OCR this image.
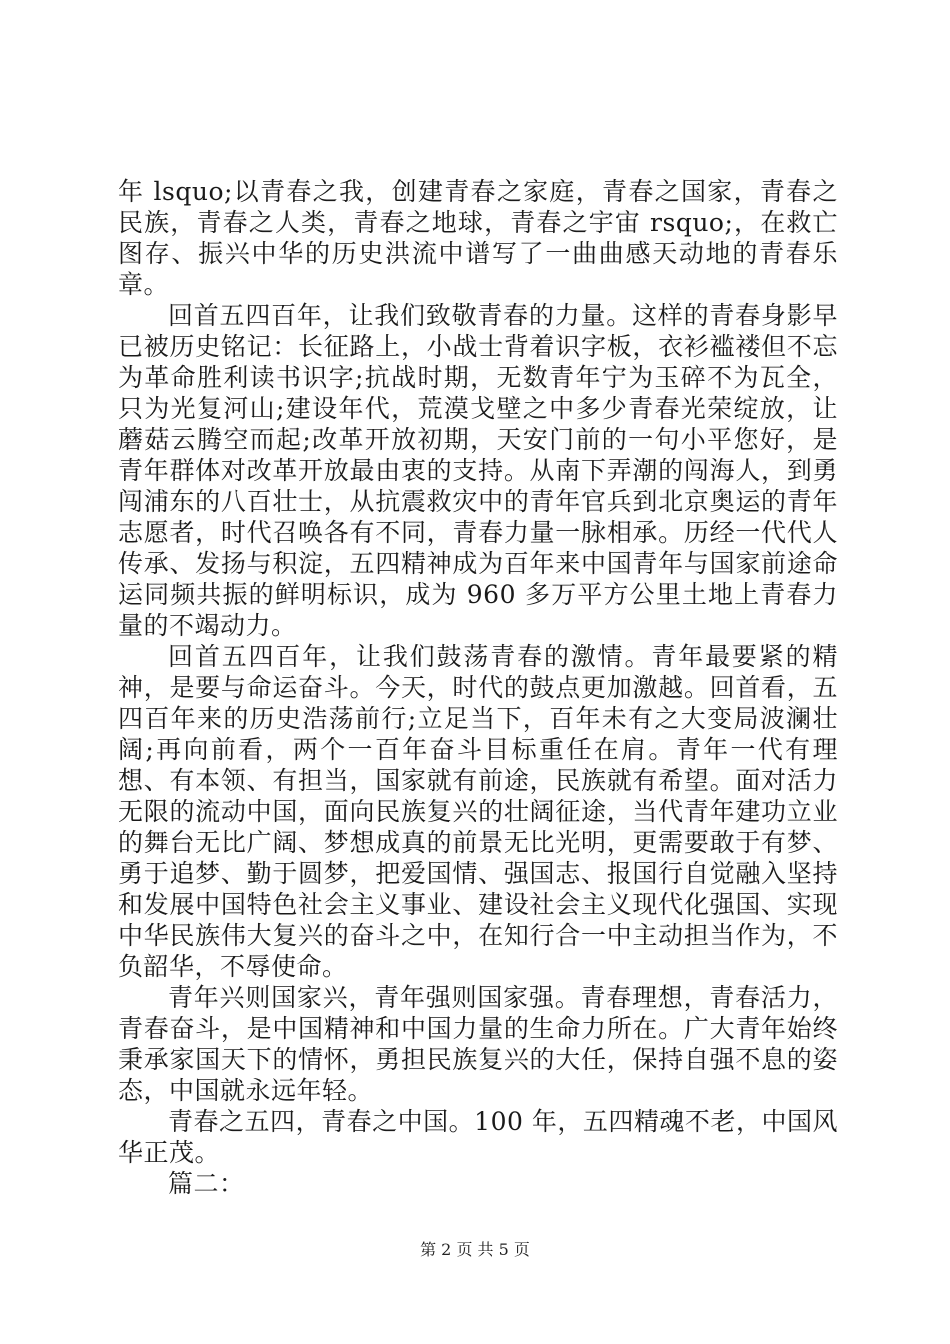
年 lsquo;以青春之我，创建青春之家庭，青春之国家，青春之民族，青春之人类，青春之地球，青春之宇宙 rsquo;，在救亡图存、振兴中华的历史洪流中谱写了一曲曲感天动地的青春乐章。

回首五四百年，让我们致敬青春的力量。这样的青春身影早已被历史铭记：长征路上，小战士背着识字板，衣衫褴褛但不忘为革命胜利读书识字;抗战时期，无数青年宁为玉碎不为瓦全，只为光复河山;建设年代，荒漠戈壁之中多少青春光荣绽放，让蘑菇云腾空而起;改革开放初期，天安门前的一句小平您好，是青年群体对改革开放最由衷的支持。从南下弄潮的闯海人，到勇闯浦东的八百壮士，从抗震救灾中的青年官兵到北京奥运的青年志愿者，时代召唤各有不同，青春力量一脉相承。历经一代代人传承、发扬与积淀，五四精神成为百年来中国青年与国家前途命运同频共振的鲜明标识，成为 960 多万平方公里土地上青春力量的不竭动力。

回首五四百年，让我们鼓荡青春的激情。青年最要紧的精神，是要与命运奋斗。今天，时代的鼓点更加激越。回首看，五四百年来的历史浩荡前行;立足当下，百年未有之大变局波澜壮阔;再向前看，两个一百年奋斗目标重任在肩。青年一代有理想、有本领、有担当，国家就有前途，民族就有希望。面对活力无限的流动中国，面向民族复兴的壮阔征途，当代青年建功立业的舞台无比广阔、梦想成真的前景无比光明，更需要敢于有梦、勇于追梦、勤于圆梦，把爱国情、强国志、报国行自觉融入坚持和发展中国特色社会主义事业、建设社会主义现代化强国、实现中华民族伟大复兴的奋斗之中，在知行合一中主动担当作为，不负韶华，不辱使命。

青年兴则国家兴，青年强则国家强。青春理想，青春活力，青春奋斗，是中国精神和中国力量的生命力所在。广大青年始终秉承家国天下的情怀，勇担民族复兴的大任，保持自强不息的姿态，中国就永远年轻。

青春之五四，青春之中国。100 年，五四精魂不老，中国风华正茂。

篇二：

第 2 页 共 5 页
